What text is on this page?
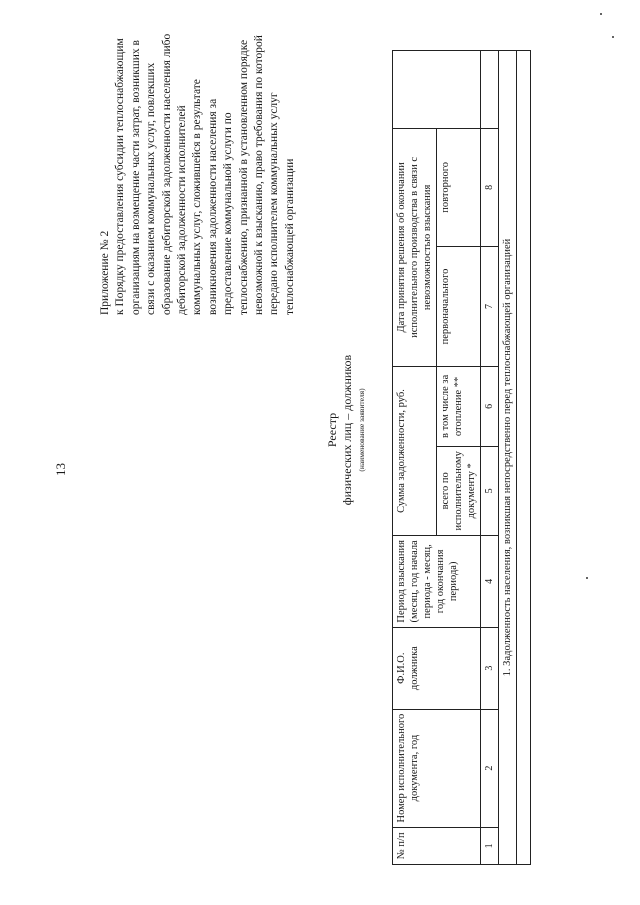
13
Приложение № 2 к Порядку предоставления субсидии теплоснабжающим организациям на возмещение части затрат, возникших в связи с оказанием коммунальных услуг, повлекших образование дебиторской задолженности населения либо дебиторской задолженности исполнителей коммунальных услуг, сложившейся в результате возникновения задолженности населения за предоставление коммунальной услуги по теплоснабжению, признанной в установленном порядке невозможной к взысканию, право требования по которой передано исполнителем коммунальных услуг теплоснабжающей организации
Реестр физических лиц – должников (наименование заявителя)
№ п/п	Номер исполнительного документа, год	Ф.И.О. должника	Период взыскания (месяц, год начала периода - месяц, год окончания периода)	Сумма задолженности, руб.		Дата принятия решения об окончании исполнительного производства в связи с невозможностью взыскания		
				всего по исполнительному документу *	в том числе за отопление **	первоначального	повторного	
1	2	3	4	5	6	7	8	
1. Задолженность населения, возникшая непосредственно перед теплоснабжающей организацией								
